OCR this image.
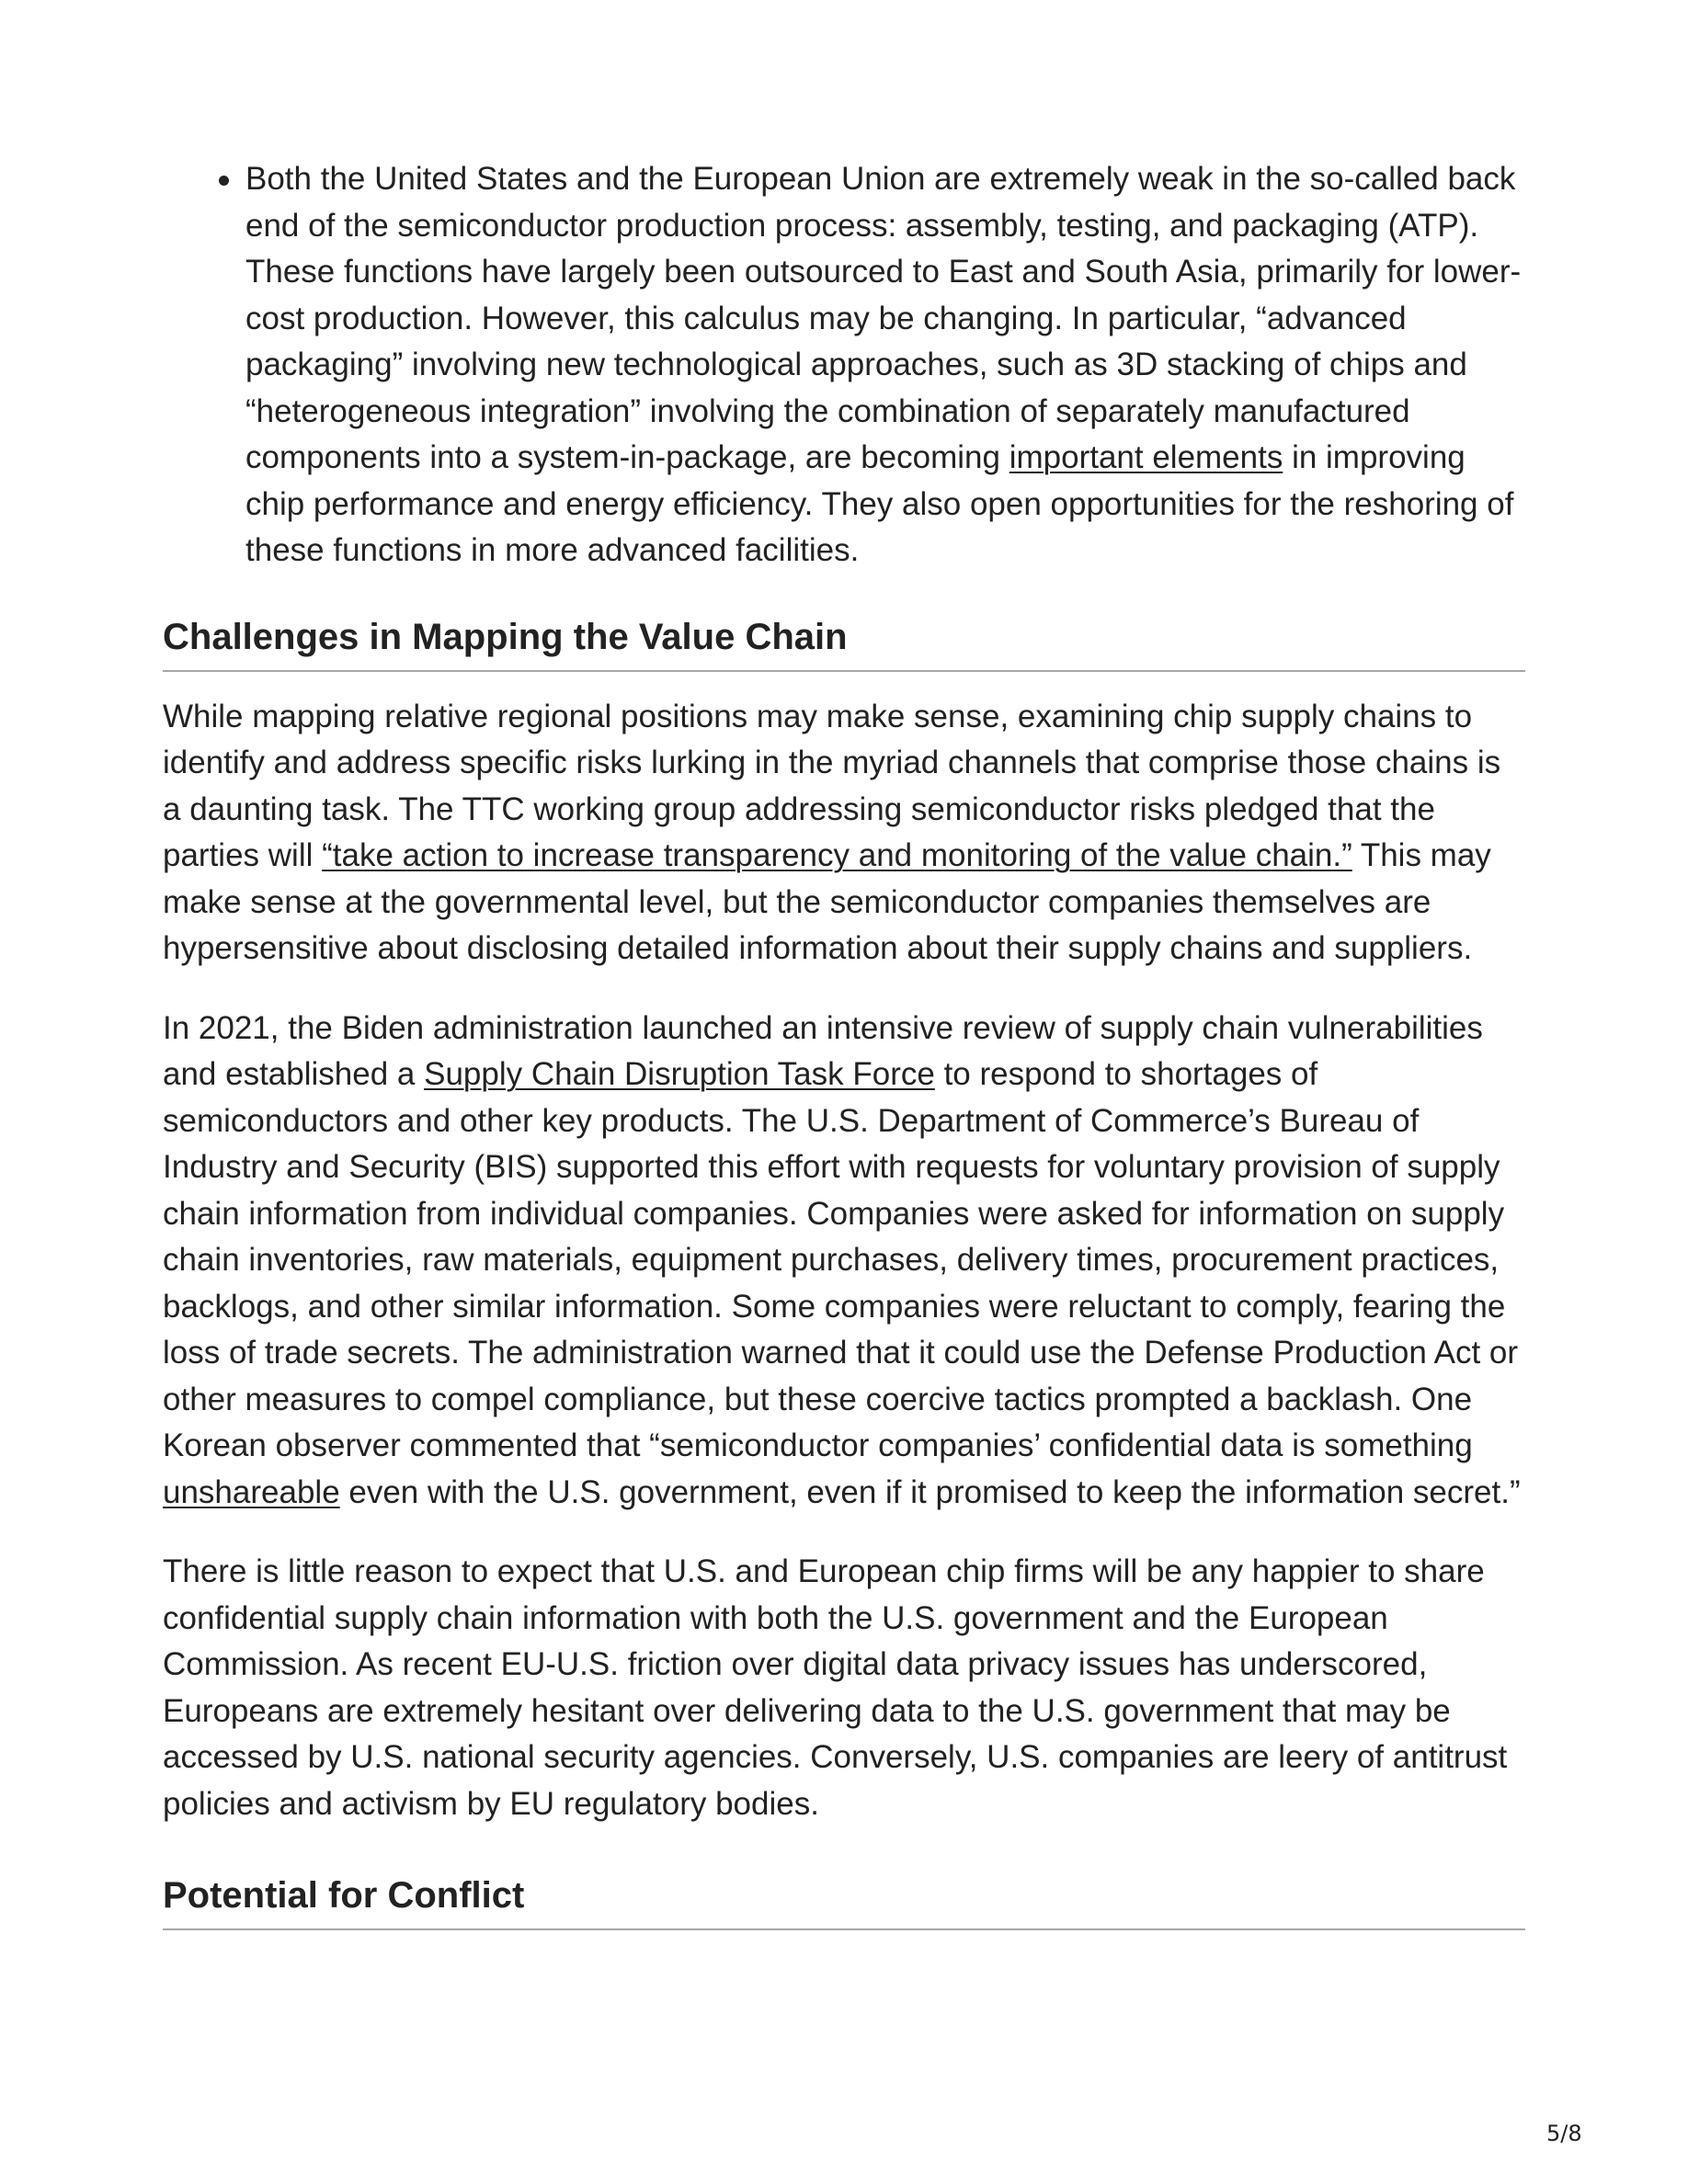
Both the United States and the European Union are extremely weak in the so-called back end of the semiconductor production process: assembly, testing, and packaging (ATP). These functions have largely been outsourced to East and South Asia, primarily for lower-cost production. However, this calculus may be changing. In particular, “advanced packaging” involving new technological approaches, such as 3D stacking of chips and “heterogeneous integration” involving the combination of separately manufactured components into a system-in-package, are becoming important elements in improving chip performance and energy efficiency. They also open opportunities for the reshoring of these functions in more advanced facilities.
Challenges in Mapping the Value Chain

While mapping relative regional positions may make sense, examining chip supply chains to identify and address specific risks lurking in the myriad channels that comprise those chains is a daunting task. The TTC working group addressing semiconductor risks pledged that the parties will “take action to increase transparency and monitoring of the value chain.” This may make sense at the governmental level, but the semiconductor companies themselves are hypersensitive about disclosing detailed information about their supply chains and suppliers.

In 2021, the Biden administration launched an intensive review of supply chain vulnerabilities and established a Supply Chain Disruption Task Force to respond to shortages of semiconductors and other key products. The U.S. Department of Commerce’s Bureau of Industry and Security (BIS) supported this effort with requests for voluntary provision of supply chain information from individual companies. Companies were asked for information on supply chain inventories, raw materials, equipment purchases, delivery times, procurement practices, backlogs, and other similar information. Some companies were reluctant to comply, fearing the loss of trade secrets. The administration warned that it could use the Defense Production Act or other measures to compel compliance, but these coercive tactics prompted a backlash. One Korean observer commented that “semiconductor companies’ confidential data is something unshareable even with the U.S. government, even if it promised to keep the information secret.”

There is little reason to expect that U.S. and European chip firms will be any happier to share confidential supply chain information with both the U.S. government and the European Commission. As recent EU-U.S. friction over digital data privacy issues has underscored, Europeans are extremely hesitant over delivering data to the U.S. government that may be accessed by U.S. national security agencies. Conversely, U.S. companies are leery of antitrust policies and activism by EU regulatory bodies.

Potential for Conflict
5/8
